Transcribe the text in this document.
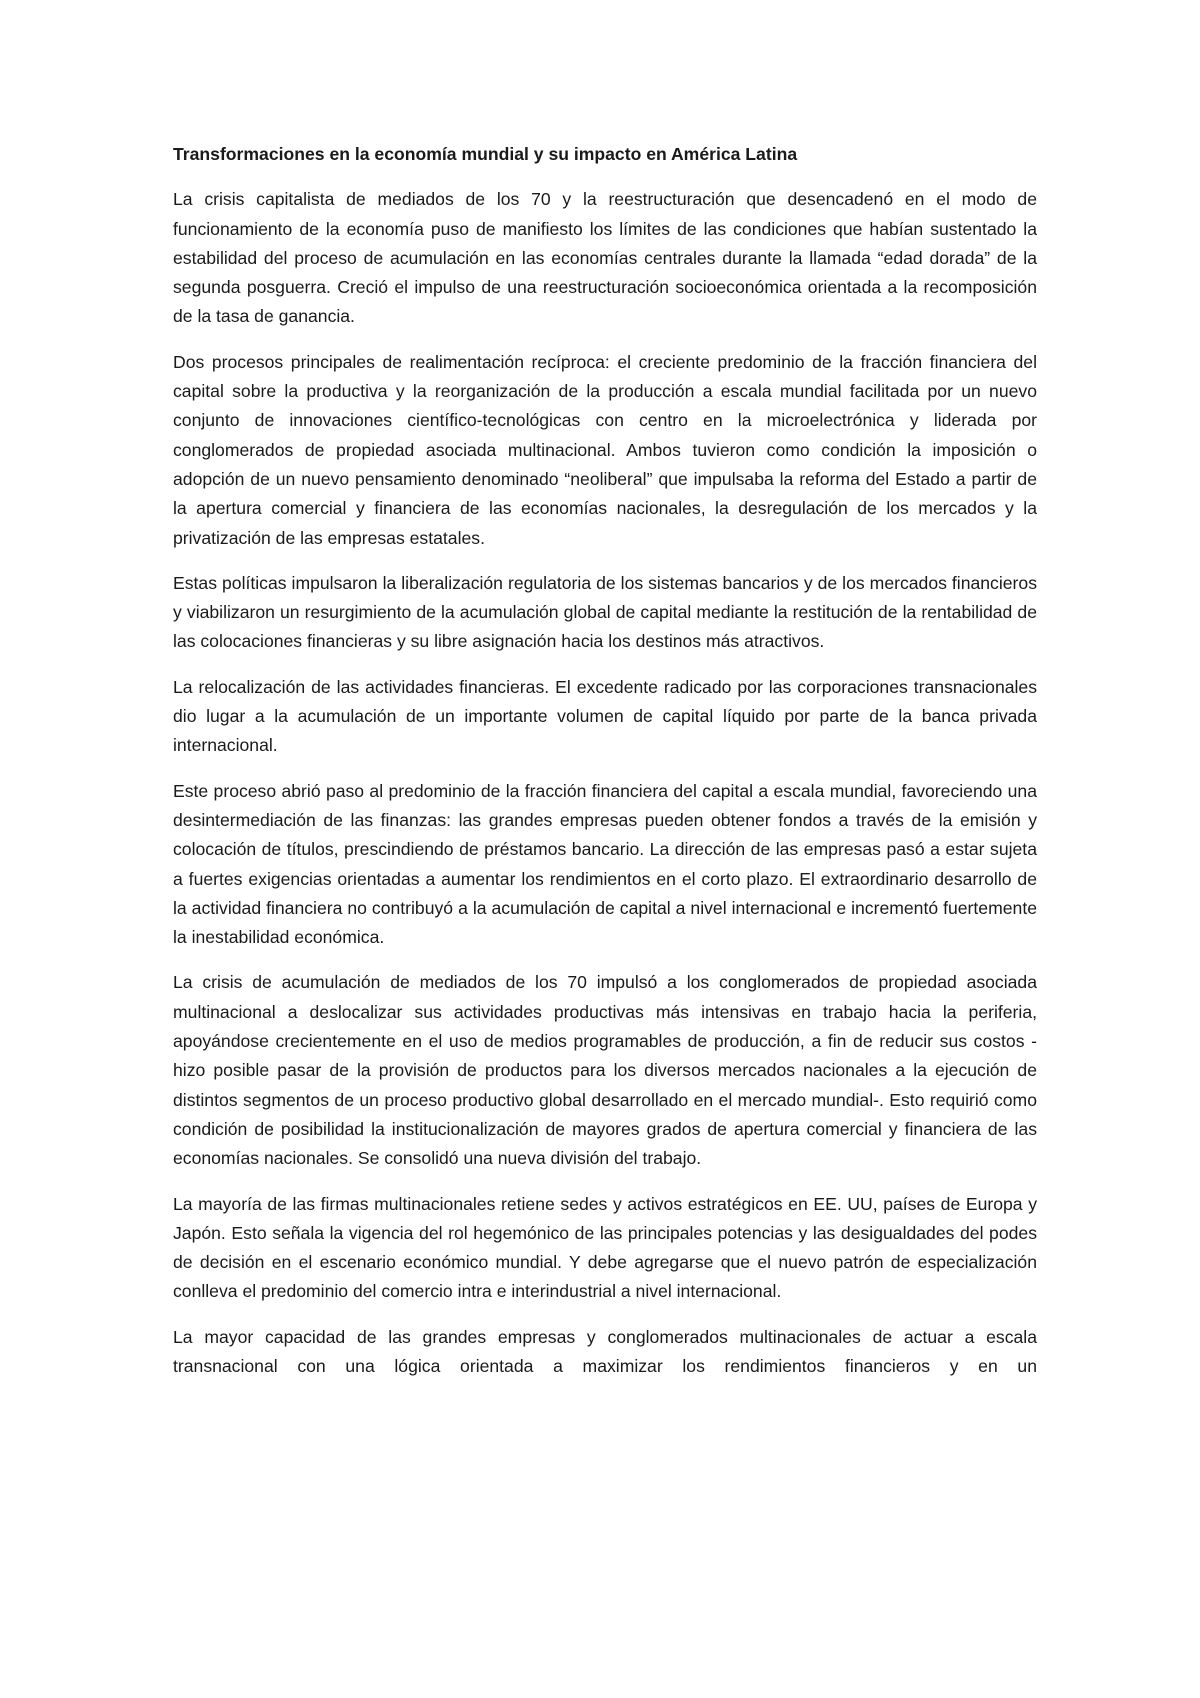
Transformaciones en la economía mundial y su impacto en América Latina

La crisis capitalista de mediados de los 70 y la reestructuración que desencadenó en el modo de funcionamiento de la economía puso de manifiesto los límites de las condiciones que habían sustentado la estabilidad del proceso de acumulación en las economías centrales durante la llamada “edad dorada” de la segunda posguerra. Creció el impulso de una reestructuración socioeconómica orientada a la recomposición de la tasa de ganancia.

Dos procesos principales de realimentación recíproca: el creciente predominio de la fracción financiera del capital sobre la productiva y la reorganización de la producción a escala mundial facilitada por un nuevo conjunto de innovaciones científico-tecnológicas con centro en la microelectrónica y liderada por conglomerados de propiedad asociada multinacional. Ambos tuvieron como condición la imposición o adopción de un nuevo pensamiento denominado “neoliberal” que impulsaba la reforma del Estado a partir de la apertura comercial y financiera de las economías nacionales, la desregulación de los mercados y la privatización de las empresas estatales.

Estas políticas impulsaron la liberalización regulatoria de los sistemas bancarios y de los mercados financieros y viabilizaron un resurgimiento de la acumulación global de capital mediante la restitución de la rentabilidad de las colocaciones financieras y su libre asignación hacia los destinos más atractivos.

La relocalización de las actividades financieras. El excedente radicado por las corporaciones transnacionales dio lugar a la acumulación de un importante volumen de capital líquido por parte de la banca privada internacional.

Este proceso abrió paso al predominio de la fracción financiera del capital a escala mundial, favoreciendo una desintermediación de las finanzas: las grandes empresas pueden obtener fondos a través de la emisión y colocación de títulos, prescindiendo de préstamos bancario. La dirección de las empresas pasó a estar sujeta a fuertes exigencias orientadas a aumentar los rendimientos en el corto plazo. El extraordinario desarrollo de la actividad financiera no contribuyó a la acumulación de capital a nivel internacional e incrementó fuertemente la inestabilidad económica.

La crisis de acumulación de mediados de los 70 impulsó a los conglomerados de propiedad asociada multinacional a deslocalizar sus actividades productivas más intensivas en trabajo hacia la periferia, apoyándose crecientemente en el uso de medios programables de producción, a fin de reducir sus costos -hizo posible pasar de la provisión de productos para los diversos mercados nacionales a la ejecución de distintos segmentos de un proceso productivo global desarrollado en el mercado mundial-. Esto requirió como condición de posibilidad la institucionalización de mayores grados de apertura comercial y financiera de las economías nacionales. Se consolidó una nueva división del trabajo.

La mayoría de las firmas multinacionales retiene sedes y activos estratégicos en EE. UU, países de Europa y Japón. Esto señala la vigencia del rol hegemónico de las principales potencias y las desigualdades del podes de decisión en el escenario económico mundial. Y debe agregarse que el nuevo patrón de especialización conlleva el predominio del comercio intra e interindustrial a nivel internacional.

La mayor capacidad de las grandes empresas y conglomerados multinacionales de actuar a escala transnacional con una lógica orientada a maximizar los rendimientos financieros y en un
